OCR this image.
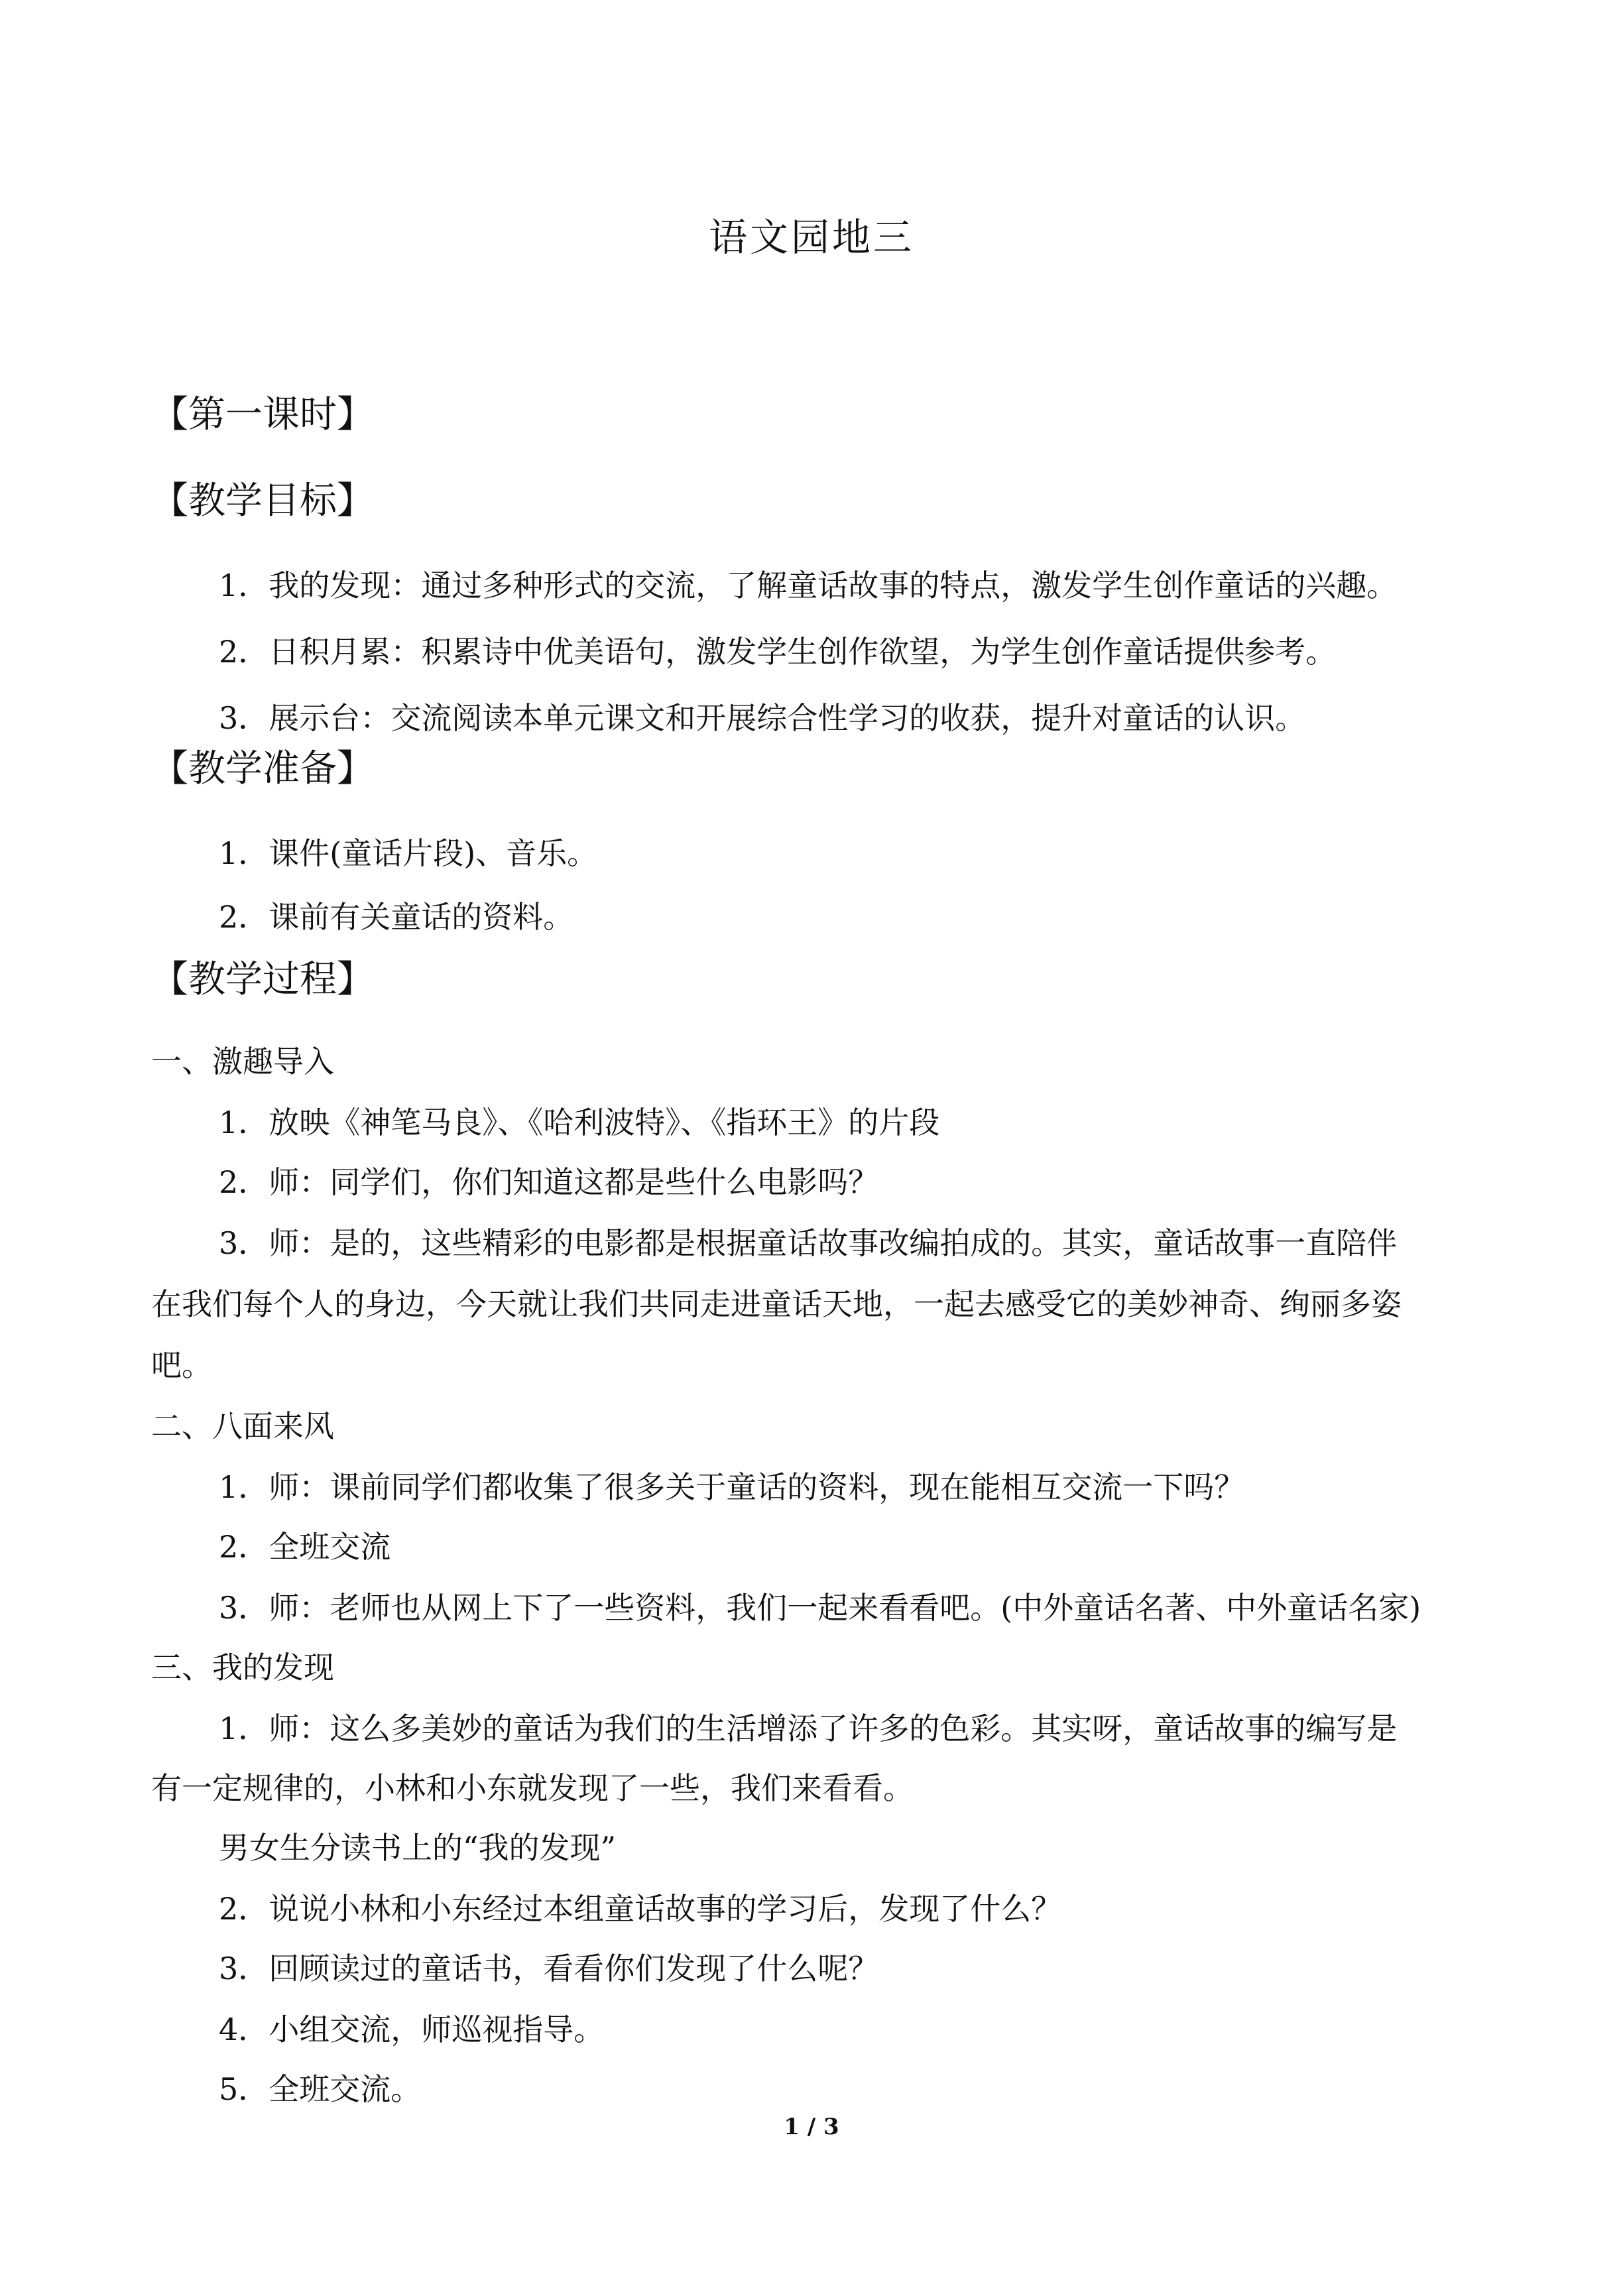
语文园地三
【第一课时】
【教学目标】
1．我的发现：通过多种形式的交流，了解童话故事的特点，激发学生创作童话的兴趣。
2．日积月累：积累诗中优美语句，激发学生创作欲望，为学生创作童话提供参考。
3．展示台：交流阅读本单元课文和开展综合性学习的收获，提升对童话的认识。
【教学准备】
1．课件(童话片段)、音乐。
2．课前有关童话的资料。
【教学过程】
一、激趣导入
1．放映《神笔马良》、《哈利波特》、《指环王》的片段
2．师：同学们，你们知道这都是些什么电影吗？
3．师：是的，这些精彩的电影都是根据童话故事改编拍成的。其实，童话故事一直陪伴
在我们每个人的身边，今天就让我们共同走进童话天地，一起去感受它的美妙神奇、绚丽多姿
吧。
二、八面来风
1．师：课前同学们都收集了很多关于童话的资料，现在能相互交流一下吗？
2．全班交流
3．师：老师也从网上下了一些资料，我们一起来看看吧。(中外童话名著、中外童话名家)
三、我的发现
1．师：这么多美妙的童话为我们的生活增添了许多的色彩。其实呀，童话故事的编写是
有一定规律的，小林和小东就发现了一些，我们来看看。
男女生分读书上的“我的发现”
2．说说小林和小东经过本组童话故事的学习后，发现了什么？
3．回顾读过的童话书，看看你们发现了什么呢？
4．小组交流，师巡视指导。
5．全班交流。
1 / 3
